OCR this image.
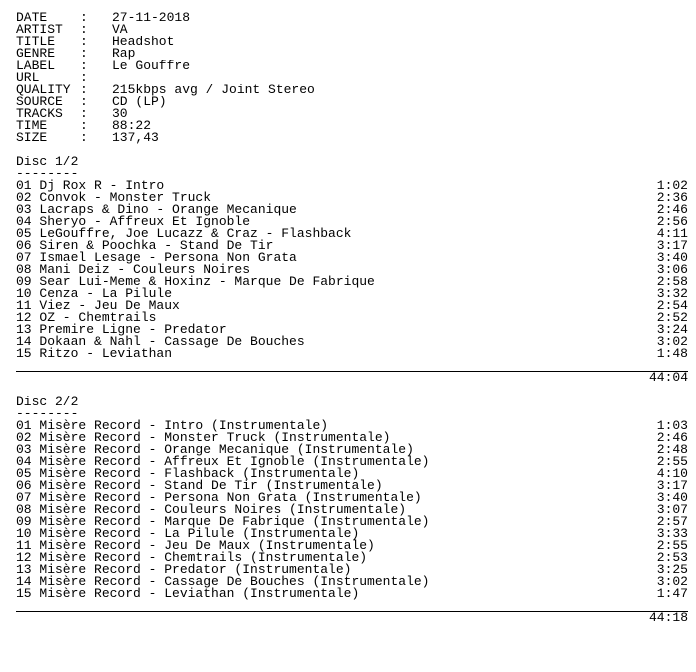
DATE	: 27-11-2018
ARTIST : VA
TITLE : Headshot
GENRE : Rap
LABEL : Le Gouffre
URL	:
QUALITY : 215kbps avg / Joint Stereo
SOURCE : CD (LP)
TRACKS : 30
TIME	: 88:22
SIZE	: 137,43
Disc 1/2
--------
01 Dj Rox R - Intro	1:02
02 Convok - Monster Truck	2:36
03 Lacraps & Dino - Orange Mecanique	2:46
04 Sheryo - Affreux Et Ignoble	2:56
05 LeGouffre, Joe Lucazz & Craz - Flashback	4:11
06 Siren & Poochka - Stand De Tir	3:17
07 Ismael Lesage - Persona Non Grata	3:40
08 Mani Deiz - Couleurs Noires	3:06
09 Sear Lui-Meme & Hoxinz - Marque De Fabrique	2:58
10 Cenza - La Pilule	3:32
11 Viez - Jeu De Maux	2:54
12 OZ - Chemtrails	2:52
13 Premire Ligne - Predator	3:24
14 Dokaan & Nahl - Cassage De Bouches	3:02
15 Ritzo - Leviathan	1:48
44:04
Disc 2/2
--------
01 Misère Record - Intro (Instrumentale)	1:03
02 Misère Record - Monster Truck (Instrumentale)	2:46
03 Misère Record - Orange Mecanique (Instrumentale)	2:48
04 Misère Record - Affreux Et Ignoble (Instrumentale)	2:55
05 Misère Record - Flashback (Instrumentale)	4:10
06 Misère Record - Stand De Tir (Instrumentale)	3:17
07 Misère Record - Persona Non Grata (Instrumentale)	3:40
08 Misère Record - Couleurs Noires (Instrumentale)	3:07
09 Misère Record - Marque De Fabrique (Instrumentale)	2:57
10 Misère Record - La Pilule (Instrumentale)	3:33
11 Misère Record - Jeu De Maux (Instrumentale)	2:55
12 Misère Record - Chemtrails (Instrumentale)	2:53
13 Misère Record - Predator (Instrumentale)	3:25
14 Misère Record - Cassage De Bouches (Instrumentale)	3:02
15 Misère Record - Leviathan (Instrumentale)	1:47
44:18
